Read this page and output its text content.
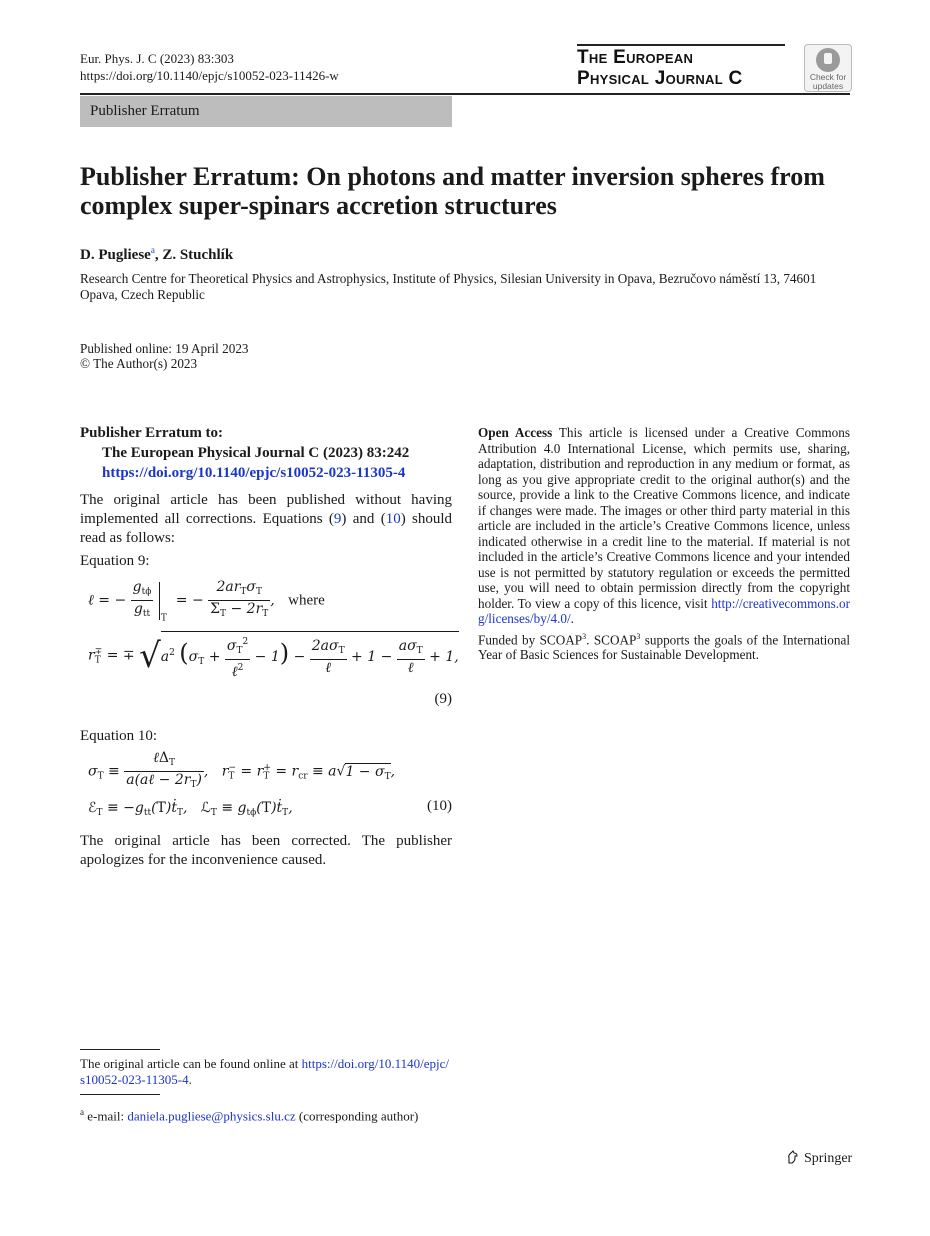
Eur. Phys. J. C (2023) 83:303
https://doi.org/10.1140/epjc/s10052-023-11426-w
The European
Physical Journal C	Check for
updates
Publisher Erratum
Publisher Erratum: On photons and matter inversion spheres from complex super-spinars accretion structures
D. Pugliese$^a$, Z. Stuchlík
Research Centre for Theoretical Physics and Astrophysics, Institute of Physics, Silesian University in Opava, Bezručovo náměstí 13, 74601 Opava, Czech Republic
Published online: 19 April 2023
© The Author(s) 2023
Publisher Erratum to:
The European Physical Journal C (2023) 83:242
https://doi.org/10.1140/epjc/s10052-023-11305-4
The original article has been published without having implemented all corrections. Equations (9) and (10) should read as follows:
Equation 9:
ℓ = − $\frac{g_{t\phi}}{g_{tt}} _T$  = − $\frac{2ar_T\sigma_T}{\Sigma_T - 2r_T}$ ,   where
$r_T^\mp$ = ∓ $√a^2$ $(\sigma_T + \frac{\sigma_T^2}{\ell^2} - 1) - \frac{2a\sigma_T}{\text{ℓ}} + 1 - \frac{a\sigma_T}{\text{ℓ}} + 1$,
(9)
Equation 10:
$\sigma_T \equiv \frac{\ell\Delta_T}{a(a\ell - 2r_T)}$ ,   $r_T^- = r_T^+ = r_{cr} \equiv a√1 - \sigma_T$,
ℰ$_T$ ≡ $-g_{tt}(T)ṫ_T$,   ℒ$_T$ ≡ $g_{t\phi}(T)ṫ_T$,	(10)
The original article has been corrected. The publisher apologizes for the inconvenience caused.
The original article can be found online at https://doi.org/10.1140/epjc/s10052-023-11305-4.
$^a$ e-mail: daniela.pugliese@physics.slu.cz (corresponding author)
Open Access This article is licensed under a Creative Commons Attribution 4.0 International License, which permits use, sharing, adaptation, distribution and reproduction in any medium or format, as long as you give appropriate credit to the original author(s) and the source, provide a link to the Creative Commons licence, and indicate if changes were made. The images or other third party material in this article are included in the article’s Creative Commons licence, unless indicated otherwise in a credit line to the material. If material is not included in the article’s Creative Commons licence and your intended use is not permitted by statutory regulation or exceeds the permitted use, you will need to obtain permission directly from the copyright holder. To view a copy of this licence, visit http://creativecommons.org/licenses/by/4.0/.
Funded by SCOAP$^3$. SCOAP$^3$ supports the goals of the International Year of Basic Sciences for Sustainable Development.
Springer
